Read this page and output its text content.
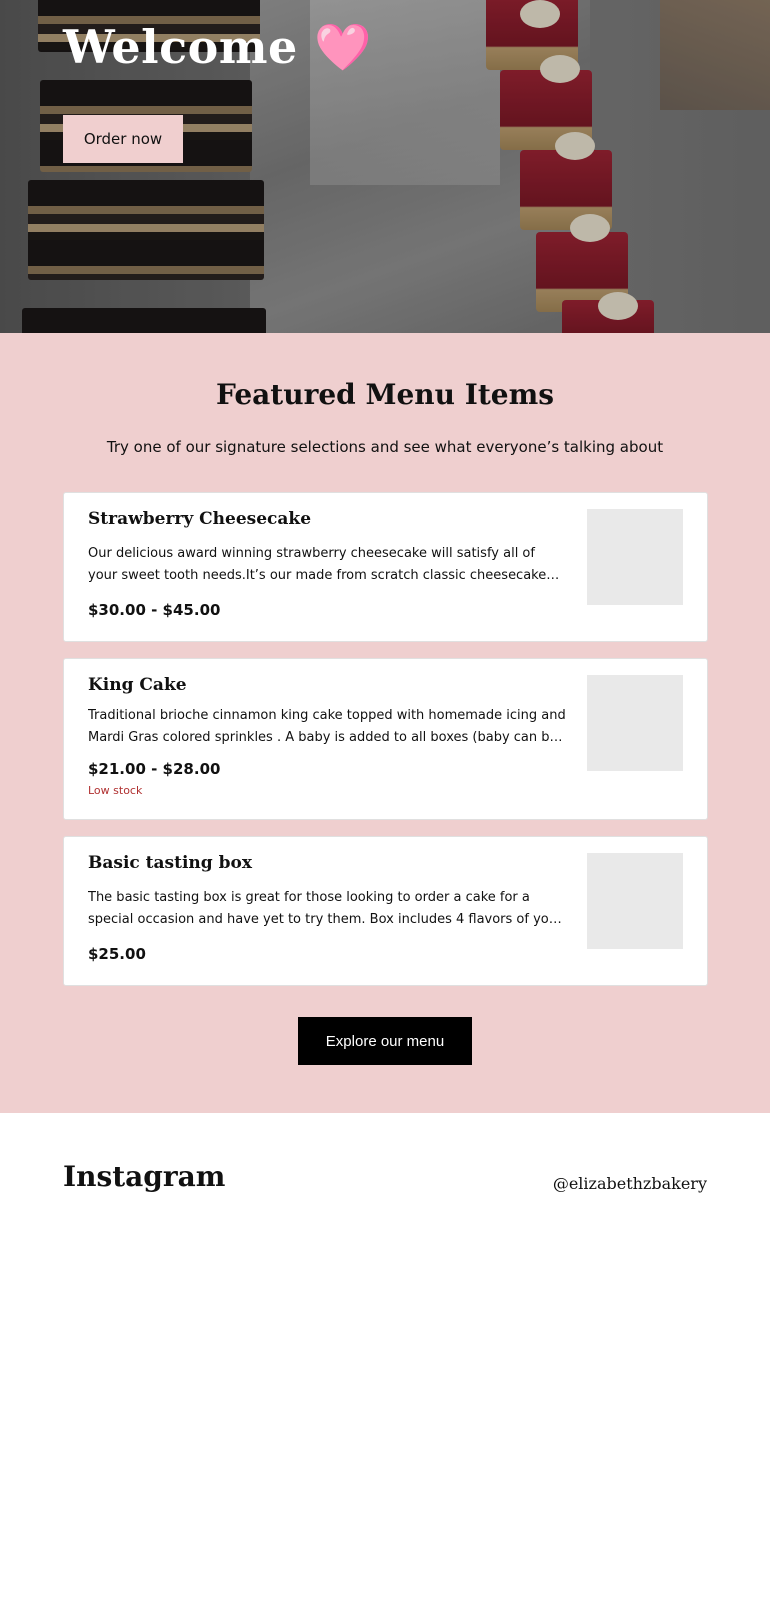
Welcome 🩷
Order now
Featured Menu Items

Try one of our signature selections and see what everyone’s talking about

Strawberry Cheesecake
Our delicious award winning strawberry cheesecake will satisfy all of your sweet tooth needs.It’s our made from scratch classic cheesecake
$30.00 - $45.00
King Cake
Traditional brioche cinnamon king cake topped with homemade icing and Mardi Gras colored sprinkles . A baby is added to all boxes (baby can be
$21.00 - $28.00
Low stock
Basic tasting box
The basic tasting box is great for those looking to order a cake for a special occasion and have yet to try them. Box includes 4 flavors of your
$25.00
Explore our menu
Instagram	@elizabethzbakery
